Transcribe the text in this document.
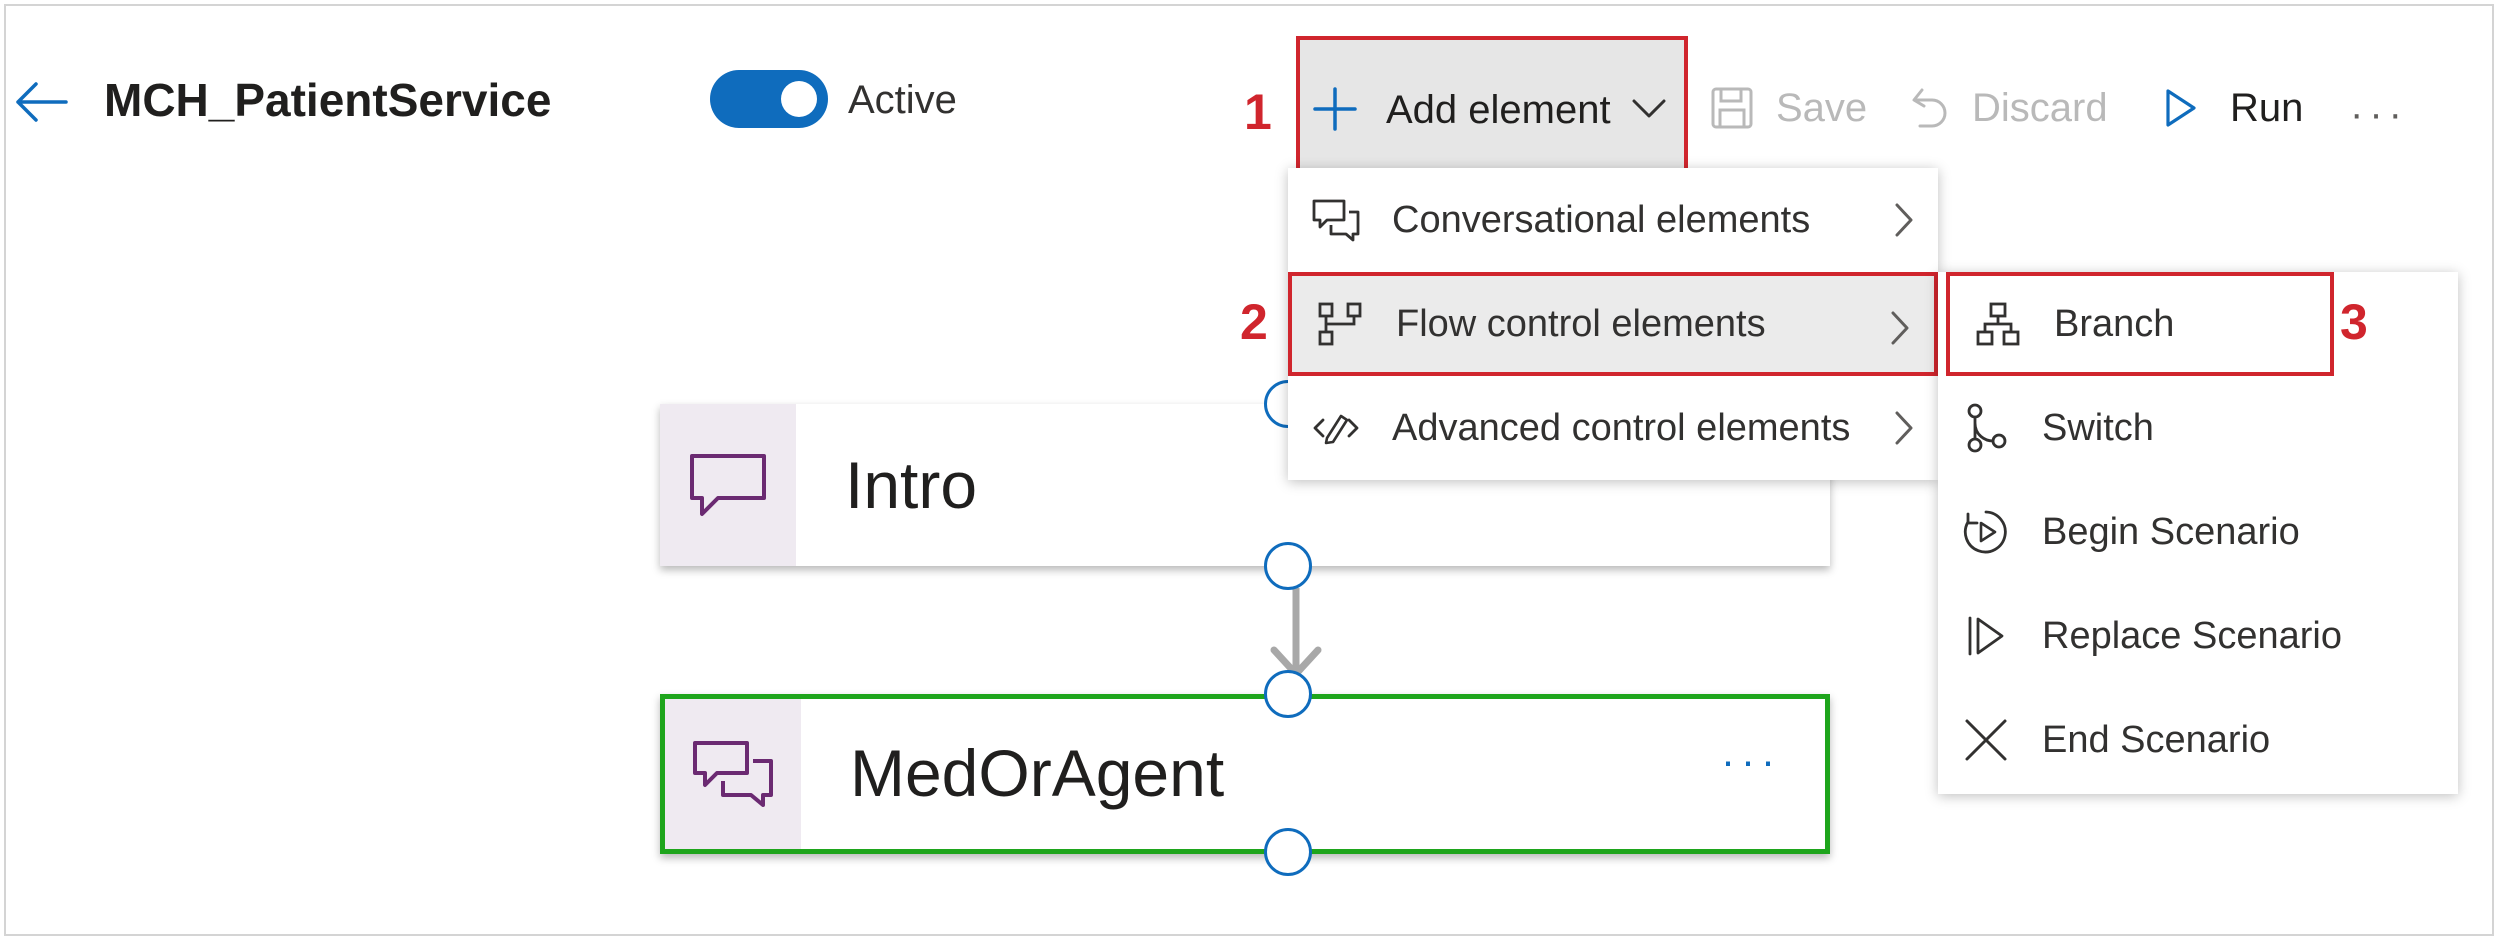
MCH_PatientService	Active	Add element
1	Save	Discard	Run ···
Intro
MedOrAgent	···
Conversational elements
Flow control elements
Advanced control elements
2	Branch
Switch
Begin Scenario
Replace Scenario
End Scenario
3
